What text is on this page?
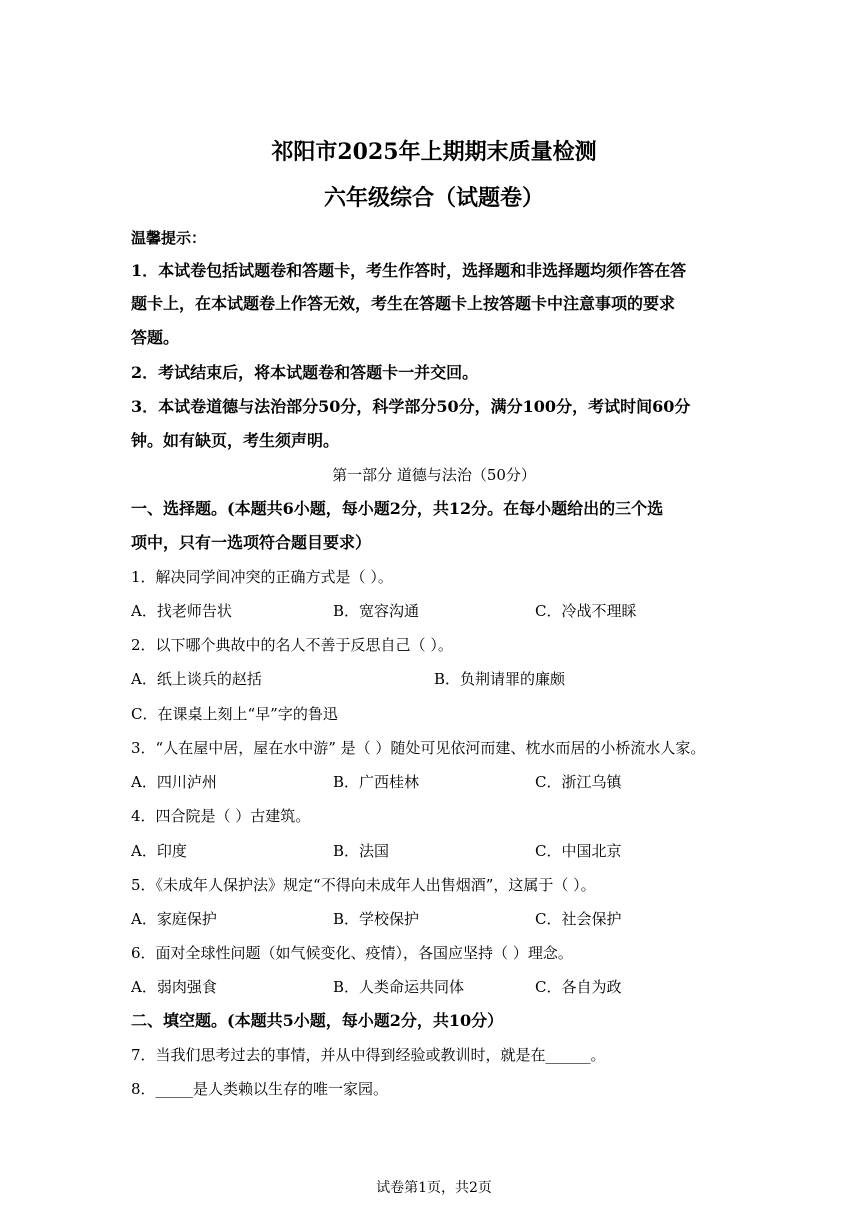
祁阳市2025年上期期末质量检测
六年级综合（试题卷）
温馨提示：
1．本试卷包括试题卷和答题卡，考生作答时，选择题和非选择题均须作答在答
题卡上，在本试题卷上作答无效，考生在答题卡上按答题卡中注意事项的要求
答题。
2．考试结束后，将本试题卷和答题卡一并交回。
3．本试卷道德与法治部分50分，科学部分50分，满分100分，考试时间60分
钟。如有缺页，考生须声明。
第一部分 道德与法治（50分）
一、选择题。(本题共6小题，每小题2分，共12分。在每小题给出的三个选
项中，只有一选项符合题目要求）
1．解决同学间冲突的正确方式是（ ）。
A．找老师告状	B．宽容沟通	C．冷战不理睬
2．以下哪个典故中的名人不善于反思自己（ ）。
A．纸上谈兵的赵括	B．负荆请罪的廉颇
C．在课桌上刻上“早”字的鲁迅
3．“人在屋中居，屋在水中游” 是（ ）随处可见依河而建、枕水而居的小桥流水人家。
A．四川泸州	B．广西桂林	C．浙江乌镇
4．四合院是（ ）古建筑。
A．印度	B．法国	C．中国北京
5．《未成年人保护法》规定“不得向未成年人出售烟酒”，这属于（ ）。
A．家庭保护	B．学校保护	C．社会保护
6．面对全球性问题（如气候变化、疫情），各国应坚持（ ）理念。
A．弱肉强食	B．人类命运共同体	C．各自为政
二、填空题。(本题共5小题，每小题2分，共10分）
7．当我们思考过去的事情，并从中得到经验或教训时，就是在______。
8．_____是人类赖以生存的唯一家园。
试卷第1页，共2页
